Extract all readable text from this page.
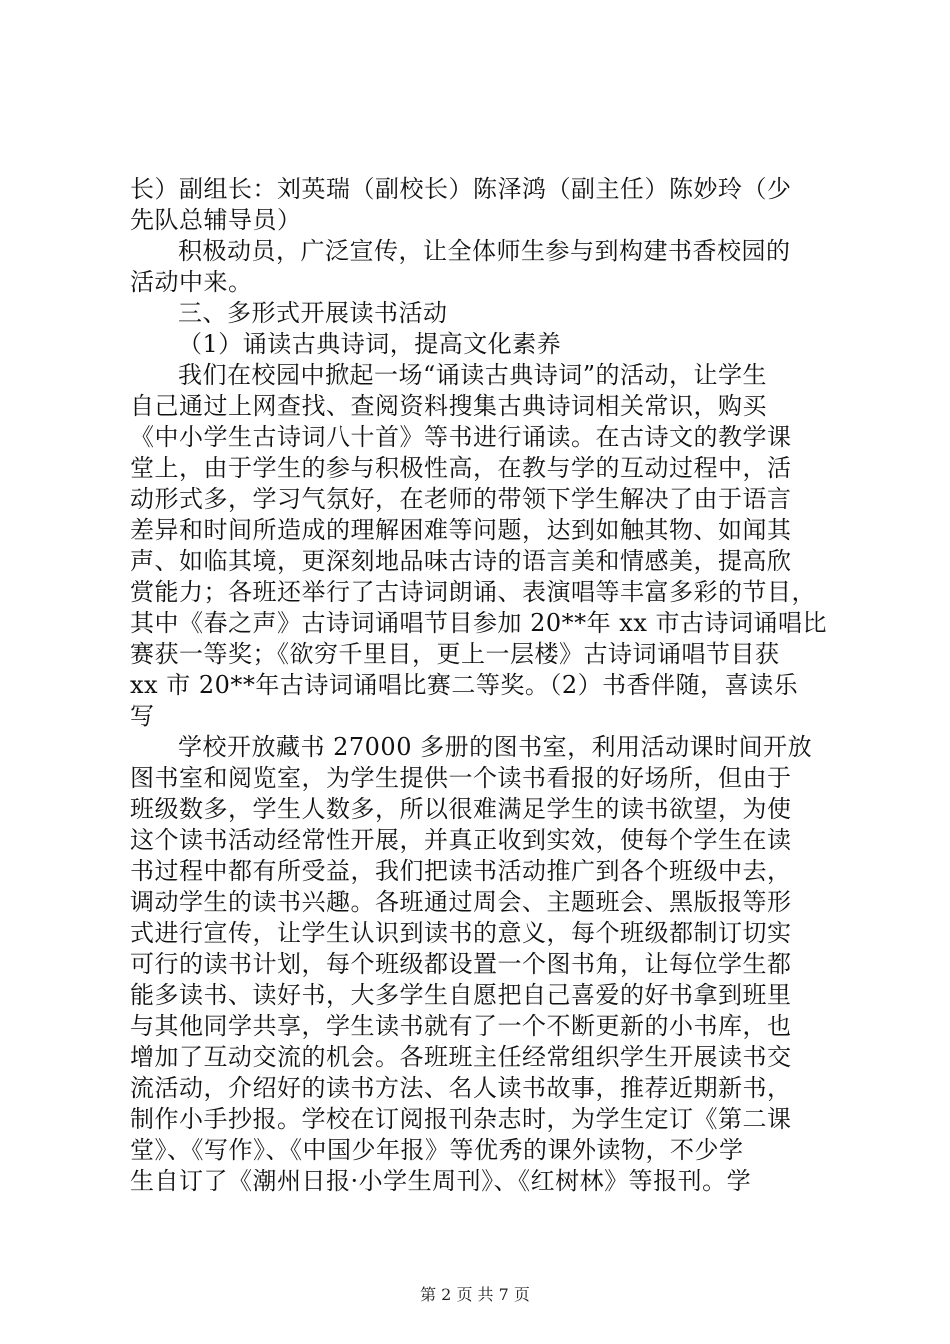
长）副组长：刘英瑞（副校长）陈泽鸿（副主任）陈妙玲（少
先队总辅导员）
积极动员，广泛宣传，让全体师生参与到构建书香校园的
活动中来。
三、多形式开展读书活动
（1）诵读古典诗词，提高文化素养
我们在校园中掀起一场“诵读古典诗词”的活动，让学生
自己通过上网查找、查阅资料搜集古典诗词相关常识，购买
《中小学生古诗词八十首》等书进行诵读。在古诗文的教学课
堂上，由于学生的参与积极性高，在教与学的互动过程中，活
动形式多，学习气氛好，在老师的带领下学生解决了由于语言
差异和时间所造成的理解困难等问题，达到如触其物、如闻其
声、如临其境，更深刻地品味古诗的语言美和情感美，提高欣
赏能力；各班还举行了古诗词朗诵、表演唱等丰富多彩的节目，
其中《春之声》古诗词诵唱节目参加 20**年 xx 市古诗词诵唱比
赛获一等奖；《欲穷千里目，更上一层楼》古诗词诵唱节目获
xx 市 20**年古诗词诵唱比赛二等奖。（2）书香伴随，喜读乐
写
学校开放藏书 27000 多册的图书室，利用活动课时间开放
图书室和阅览室，为学生提供一个读书看报的好场所，但由于
班级数多，学生人数多，所以很难满足学生的读书欲望，为使
这个读书活动经常性开展，并真正收到实效，使每个学生在读
书过程中都有所受益，我们把读书活动推广到各个班级中去，
调动学生的读书兴趣。各班通过周会、主题班会、黑版报等形
式进行宣传，让学生认识到读书的意义，每个班级都制订切实
可行的读书计划，每个班级都设置一个图书角，让每位学生都
能多读书、读好书，大多学生自愿把自己喜爱的好书拿到班里
与其他同学共享，学生读书就有了一个不断更新的小书库，也
增加了互动交流的机会。各班班主任经常组织学生开展读书交
流活动，介绍好的读书方法、名人读书故事，推荐近期新书，
制作小手抄报。学校在订阅报刊杂志时，为学生定订《第二课
堂》、《写作》、《中国少年报》等优秀的课外读物，不少学
生自订了《潮州日报·小学生周刊》、《红树林》等报刊。学
第 2 页 共 7 页
